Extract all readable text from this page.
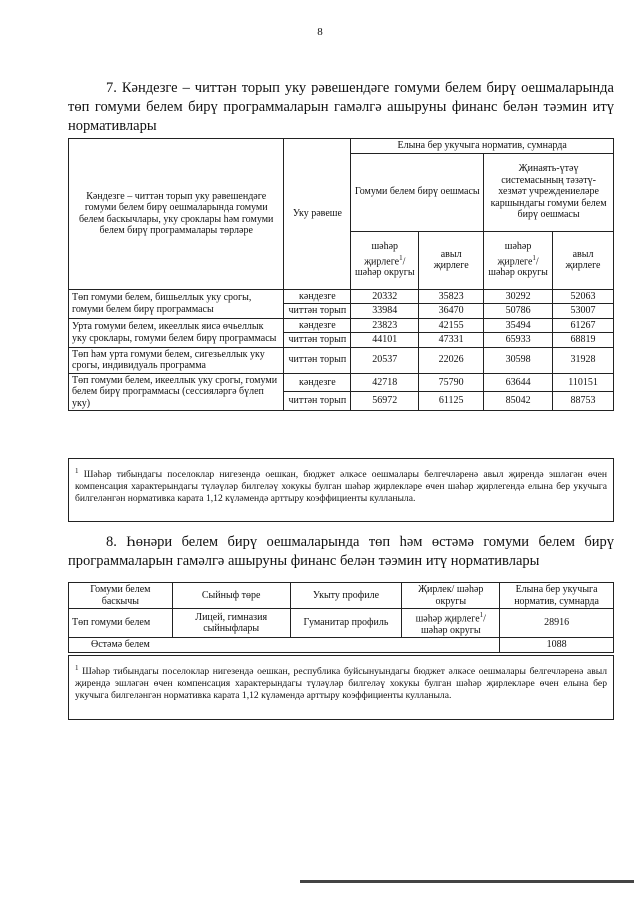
8
7. Кәндезге – читтән торып уку рәвешендәге гомуми белем бирү оешмаларында төп гомуми белем бирү программаларын гамәлгә ашыруны финанс белән тәэмин итү нормативлары
Кәндезге – читтән торып уку рәвешендәге гомуми белем бирү оешмаларында гомуми белем баскычлары, уку сроклары һәм гомуми белем бирү программалары төрләре	Уку рәвеше	Елына бер укучыга норматив, сумнарда			
		Гомуми белем бирү оешмасы		Җинаять-үтәү системасының тәзәтү-хезмәт учреждениеләре каршындагы гомуми белем бирү оешмасы	
		шәһәр җирлеге$^1$/ шәһәр округы	авыл җирлеге	шәһәр җирлеге$^1$/ шәһәр округы	авыл җирлеге
Төп гомуми белем, бишьеллык уку срогы, гомуми белем бирү программасы	кәндезге	20332	35823	30292	52063
	читтән торып	33984	36470	50786	53007
Урта гомуми белем, икееллык яисә өчьеллык уку сроклары, гомуми белем бирү программасы	кәндезге	23823	42155	35494	61267
	читтән торып	44101	47331	65933	68819
Төп һәм урта гомуми белем, сигезьеллык уку срогы, индивидуаль программа	читтән торып	20537	22026	30598	31928
Төп гомуми белем, икееллык уку срогы, гомуми белем бирү программасы (сессияләргә бүлеп уку)	кәндезге	42718	75790	63644	110151
	читтән торып	56972	61125	85042	88753
$^1$ Шәһәр тибындагы поселоклар нигезендә оешкан, бюджет әлкәсе оешмалары белгечләренә авыл җирендә эшләгән өчен компенсация характерындагы түләүләр билгеләү хокукы булган шәһәр җирлекләре өчен шәһәр җирлегендә елына бер укучыга билгеләнгән нормативка карата 1,12 күләмендә арттыру коэффициенты кулланыла.
8. Һөнәри белем бирү оешмаларында төп һәм өстәмә гомуми белем бирү программаларын гамәлгә ашыруны финанс белән тәэмин итү нормативлары
Гомуми белем баскычы	Сыйныф төре	Укыту профиле	Җирлек/ шәһәр округы	Елына бер укучыга норматив, сумнарда
Төп гомуми белем	Лицей, гимназия сыйныфлары	Гуманитар профиль	шәһәр җирлеге$^1$/ шәһәр округы	28916
Өстәмә белем				1088
$^1$ Шәһәр тибындагы поселоклар нигезендә оешкан, республика буйсынуындагы бюджет әлкәсе оешмалары белгечләренә авыл җирендә эшләгән өчен компенсация характерындагы түләүләр билгеләү хокукы булган шәһәр җирлекләре өчен елына бер укучыга билгеләнгән нормативка карата 1,12 күләмендә арттыру коэффициенты кулланыла.
